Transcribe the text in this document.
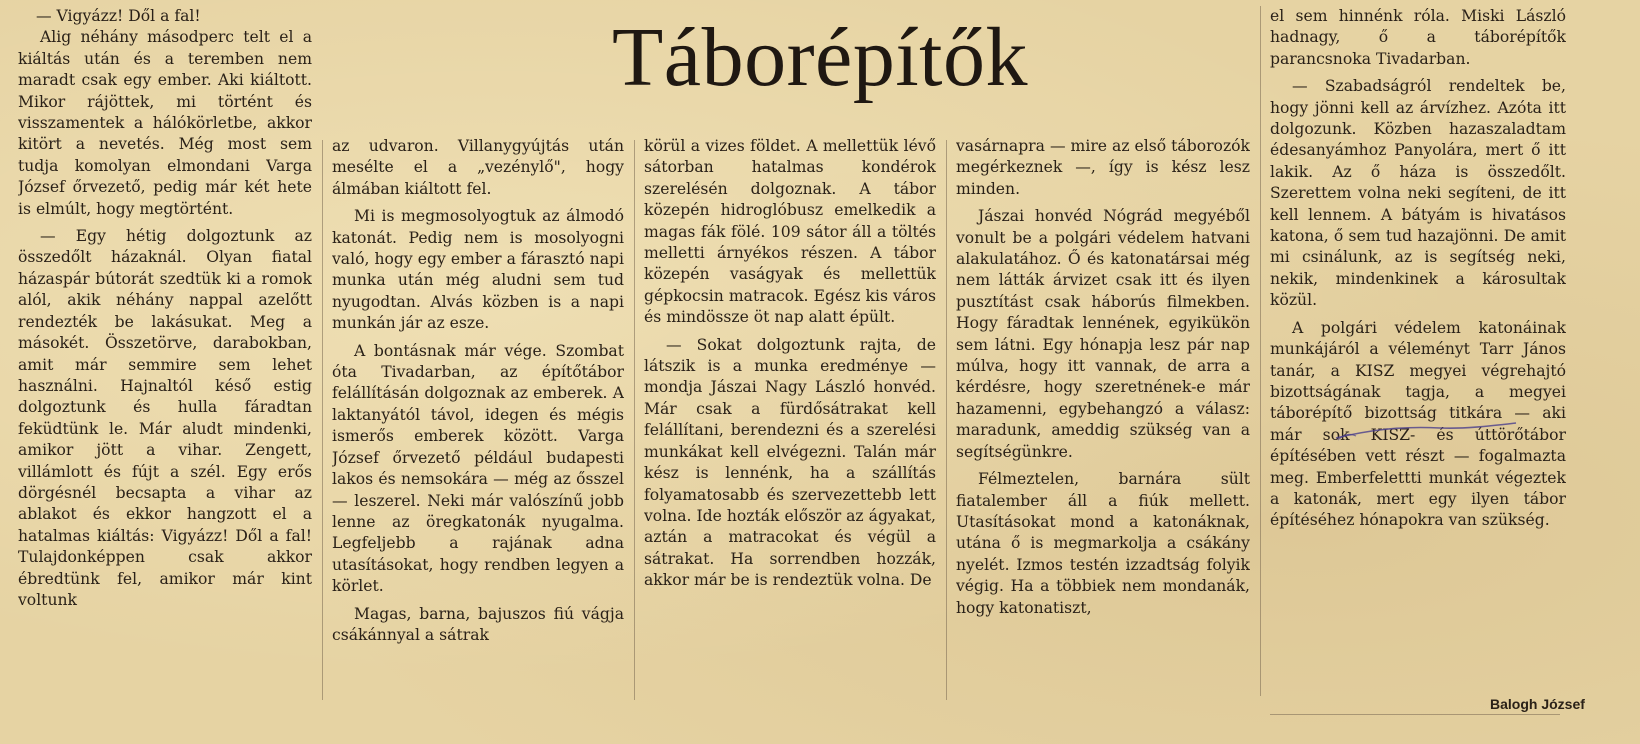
Táborépítők

— Vigyázz! Dől a fal!

Alig néhány másodperc telt el a kiáltás után és a teremben nem maradt csak egy ember. Aki kiáltott. Mikor rájöttek, mi történt és visszamentek a hálókörletbe, akkor kitört a nevetés. Még most sem tudja komolyan elmondani Varga József őrvezető, pedig már két hete is elmúlt, hogy megtörtént.

— Egy hétig dolgoztunk az összedőlt házaknál. Olyan fiatal házaspár bútorát szedtük ki a romok alól, akik néhány nappal azelőtt rendezték be lakásukat. Meg a másokét. Összetörve, darabokban, amit már semmire sem lehet használni. Hajnaltól késő estig dolgoztunk és hulla fáradtan feküdtünk le. Már aludt mindenki, amikor jött a vihar. Zengett, villámlott és fújt a szél. Egy erős dörgésnél becsapta a vihar az ablakot és ekkor hangzott el a hatalmas kiáltás: Vigyázz! Dől a fal! Tulajdonképpen csak akkor ébredtünk fel, amikor már kint voltunk

az udvaron. Villanygyújtás után mesélte el a „vezénylő", hogy álmában kiáltott fel.

Mi is megmosolyogtuk az álmodó katonát. Pedig nem is mosolyogni való, hogy egy ember a fárasztó napi munka után még aludni sem tud nyugodtan. Alvás közben is a napi munkán jár az esze.

A bontásnak már vége. Szombat óta Tivadarban, az építőtábor felállításán dolgoznak az emberek. A laktanyától távol, idegen és mégis ismerős emberek között. Varga József őrvezető például budapesti lakos és nemsokára — még az ősszel — leszerel. Neki már valószínű jobb lenne az öregkatonák nyugalma. Legfeljebb a rajának adna utasításokat, hogy rendben legyen a körlet.

Magas, barna, bajuszos fiú vágja csákánnyal a sátrak

körül a vizes földet. A mellettük lévő sátorban hatalmas kondérok szerelésén dolgoznak. A tábor közepén hidroglóbusz emelkedik a magas fák fölé. 109 sátor áll a töltés melletti árnyékos részen. A tábor közepén vaságyak és mellettük gépkocsin matracok. Egész kis város és mindössze öt nap alatt épült.

— Sokat dolgoztunk rajta, de látszik is a munka eredménye — mondja Jászai Nagy László honvéd. Már csak a fürdősátrakat kell felállítani, berendezni és a szerelési munkákat kell elvégezni. Talán már kész is lennénk, ha a szállítás folyamatosabb és szervezettebb lett volna. Ide hozták először az ágyakat, aztán a matracokat és végül a sátrakat. Ha sorrendben hozzák, akkor már be is rendeztük volna. De

vasárnapra — mire az első táborozók megérkeznek —, így is kész lesz minden.

Jászai honvéd Nógrád megyéből vonult be a polgári védelem hatvani alakulatához. Ő és katonatársai még nem látták árvizet csak itt és ilyen pusztítást csak háborús filmekben. Hogy fáradtak lennének, egyikükön sem látni. Egy hónapja lesz pár nap múlva, hogy itt vannak, de arra a kérdésre, hogy szeretnének-e már hazamenni, egybehangzó a válasz: maradunk, ameddig szükség van a segítségünkre.

Félmeztelen, barnára sült fiatalember áll a fiúk mellett. Utasításokat mond a katonáknak, utána ő is megmarkolja a csákány nyelét. Izmos testén izzadtság folyik végig. Ha a többiek nem mondanák, hogy katonatiszt,

el sem hinnénk róla. Miski László hadnagy, ő a táborépítők parancsnoka Tivadarban.

— Szabadságról rendeltek be, hogy jönni kell az árvízhez. Azóta itt dolgozunk. Közben hazaszaladtam édesanyámhoz Panyolára, mert ő itt lakik. Az ő háza is összedőlt. Szerettem volna neki segíteni, de itt kell lennem. A bátyám is hivatásos katona, ő sem tud hazajönni. De amit mi csinálunk, az is segítség neki, nekik, mindenkinek a károsultak közül.

A polgári védelem katonáinak munkájáról a véleményt Tarr János tanár, a KISZ megyei végrehajtó bizottságának tagja, a megyei táborépítő bizottság titkára — aki már sok KISZ- és úttörőtábor építésében vett részt — fogalmazta meg. Emberfelettti munkát végeztek a katonák, mert egy ilyen tábor építéséhez hónapokra van szükség.

Balogh József
